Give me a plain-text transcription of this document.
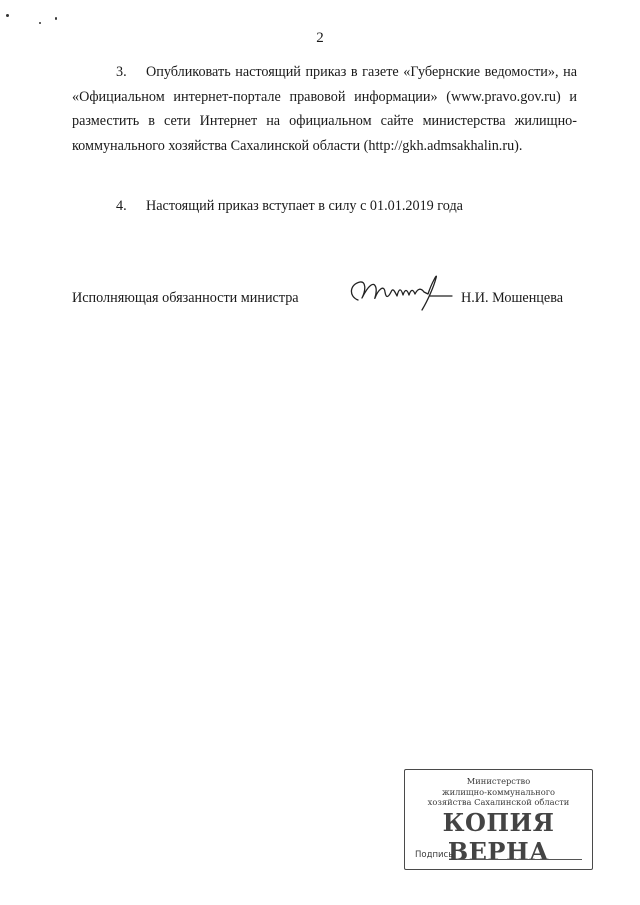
2

3. Опубликовать настоящий приказ в газете «Губернские ведомости», на «Официальном интернет-портале правовой информации» (www.pravo.gov.ru) и разместить в сети Интернет на официальном сайте министерства жилищно-коммунального хозяйства Сахалинской области (http://gkh.admsakhalin.ru).

4. Настоящий приказ вступает в силу с 01.01.2019 года

Исполняющая обязанности министра	Н.И. Мошенцева
Министерство
жилищно-коммунального
хозяйства Сахалинской области
КОПИЯ ВЕРНА
Подпись
